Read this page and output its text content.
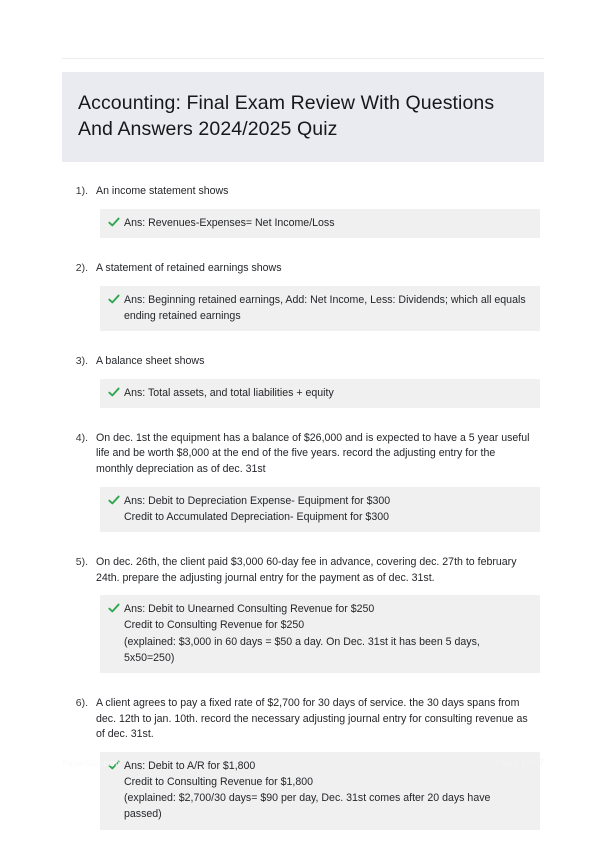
Accounting: Final Exam Review With Questions And Answers 2024/2025 Quiz
1). An income statement shows
Ans: Revenues-Expenses= Net Income/Loss
2). A statement of retained earnings shows
Ans: Beginning retained earnings, Add: Net Income, Less: Dividends; which all equals ending retained earnings
3). A balance sheet shows
Ans: Total assets, and total liabilities + equity
4). On dec. 1st the equipment has a balance of $26,000 and is expected to have a 5 year useful life and be worth $8,000 at the end of the five years. record the adjusting entry for the monthly depreciation as of dec. 31st
Ans: Debit to Depreciation Expense- Equipment for $300
Credit to Accumulated Depreciation- Equipment for $300
5). On dec. 26th, the client paid $3,000 60-day fee in advance, covering dec. 27th to february 24th. prepare the adjusting journal entry for the payment as of dec. 31st.
Ans: Debit to Unearned Consulting Revenue for $250
Credit to Consulting Revenue for $250
(explained: $3,000 in 60 days = $50 a day. On Dec. 31st it has been 5 days, 5x50=250)
6). A client agrees to pay a fixed rate of $2,700 for 30 days of service. the 30 days spans from dec. 12th to jan. 10th. record the necessary adjusting journal entry for consulting revenue as of dec. 31st.
Ans: Debit to A/R for $1,800
Credit to Consulting Revenue for $1,800
(explained: $2,700/30 days= $90 per day, Dec. 31st comes after 20 days have passed)
PaperStic.com	Page 1 of 7
